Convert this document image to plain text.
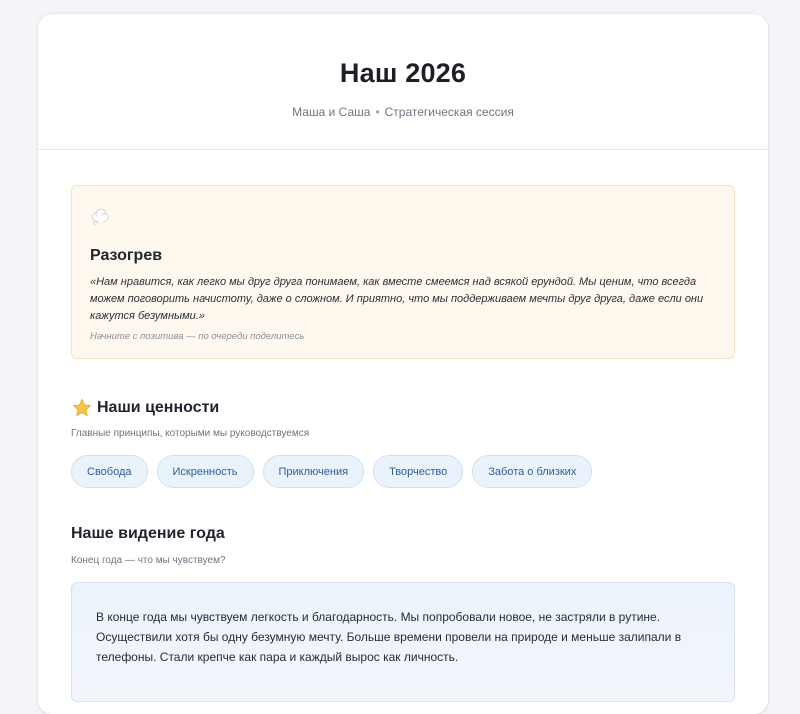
Наш 2026
Маша и Саша • Стратегическая сессия
Разогрев
«Нам нравится, как легко мы друг друга понимаем, как вместе смеемся над всякой ерундой. Мы ценим, что всегда можем поговорить начистоту, даже о сложном. И приятно, что мы поддерживаем мечты друг друга, даже если они кажутся безумными.»
Начните с позитива — по очереди поделитесь
Наши ценности
Главные принципы, которыми мы руководствуемся
Свобода	Искренность	Приключения	Творчество	Забота о близких
Наше видение года
Конец года — что мы чувствуем?
В конце года мы чувствуем легкость и благодарность. Мы попробовали новое, не застряли в рутине. Осуществили хотя бы одну безумную мечту. Больше времени провели на природе и меньше залипали в телефоны. Стали крепче как пара и каждый вырос как личность.
